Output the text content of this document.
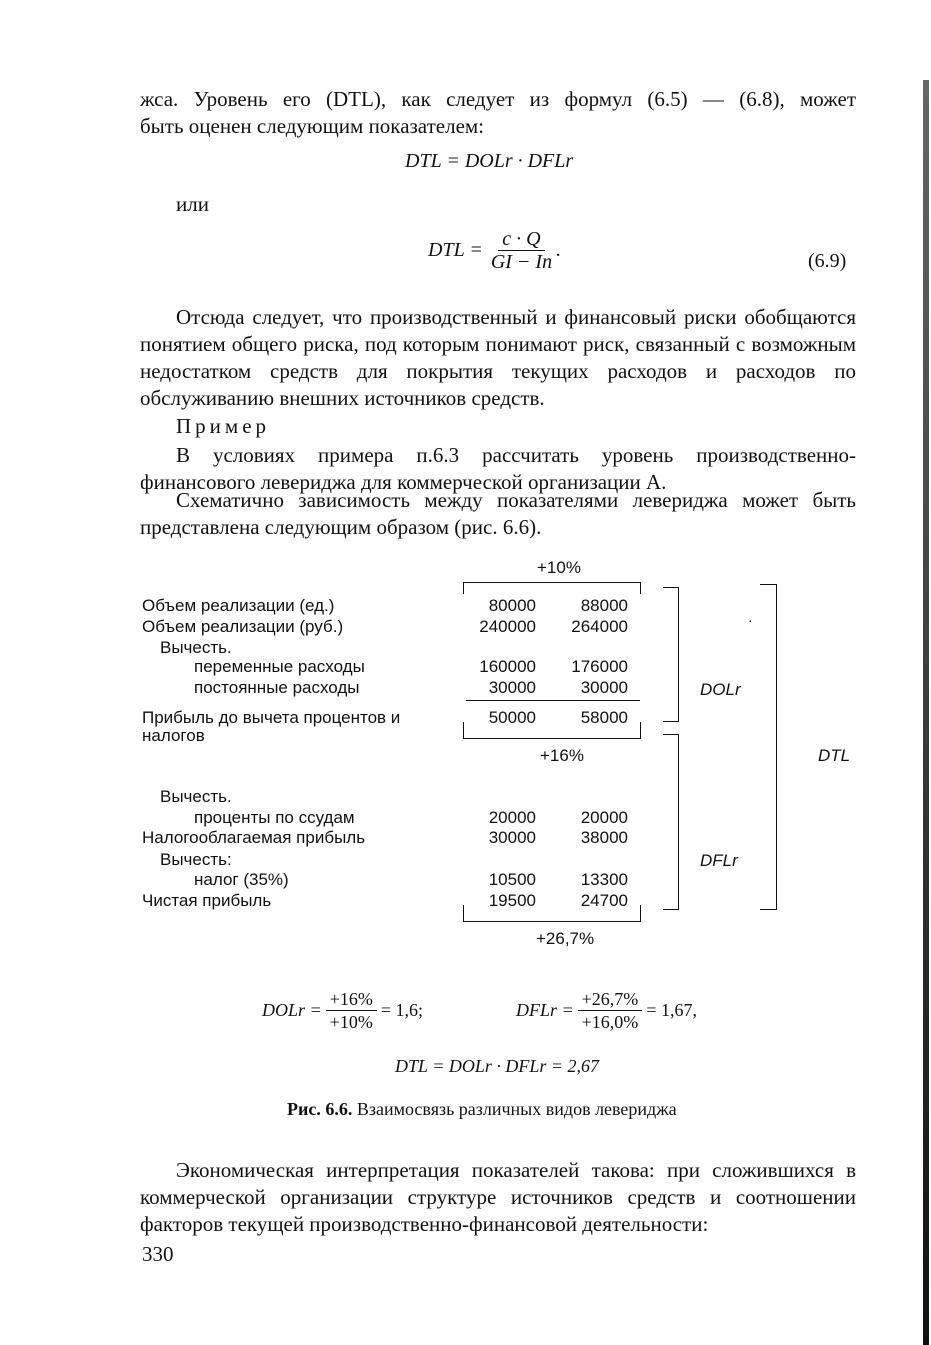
жса. Уровень его (DTL), как следует из формул (6.5) — (6.8), может
быть оценен следующим показателем:
DTL = DOLr · DFLr
или
DTL = $\frac{c \cdot Q}{GI - In}$ .	(6.9)
Отсюда следует, что производственный и финансовый риски обобщаются понятием общего риска, под которым понимают риск, связанный с возможным недостатком средств для покрытия текущих расходов и расходов по обслуживанию внешних источников средств.
Пример
В условиях примера п.6.3 рассчитать уровень производственно-финансового левериджа для коммерческой организации A.
Схематично зависимость между показателями левериджа может быть представлена следующим образом (рис. 6.6).
+10%
Объем реализации (ед.)
Объем реализации (руб.)
Вычесть.
переменные расходы
постоянные расходы
Прибыль до вычета процентов и
налогов
Вычесть.
проценты по ссудам
Налогооблагаемая прибыль
Вычесть:
налог (35%)
Чистая прибыль
80000
240000
160000
30000
50000
20000
30000
10500
19500
88000
264000
176000
30000
58000
20000
38000
13300
24700
+16%
+26,7%
DOLr
·
DFLr
DTL
DOLr = $\frac{+16\%}{+10\%} = 1,6$;	DFLr = $\frac{+26,7\%}{+16,0\%} = 1,67$,
DTL = DOLr · DFLr = 2,67
Рис. 6.6. Взаимосвязь различных видов левериджа
Экономическая интерпретация показателей такова: при сложившихся в коммерческой организации структуре источников средств и соотношении факторов текущей производственно-финансовой деятельности:
330
